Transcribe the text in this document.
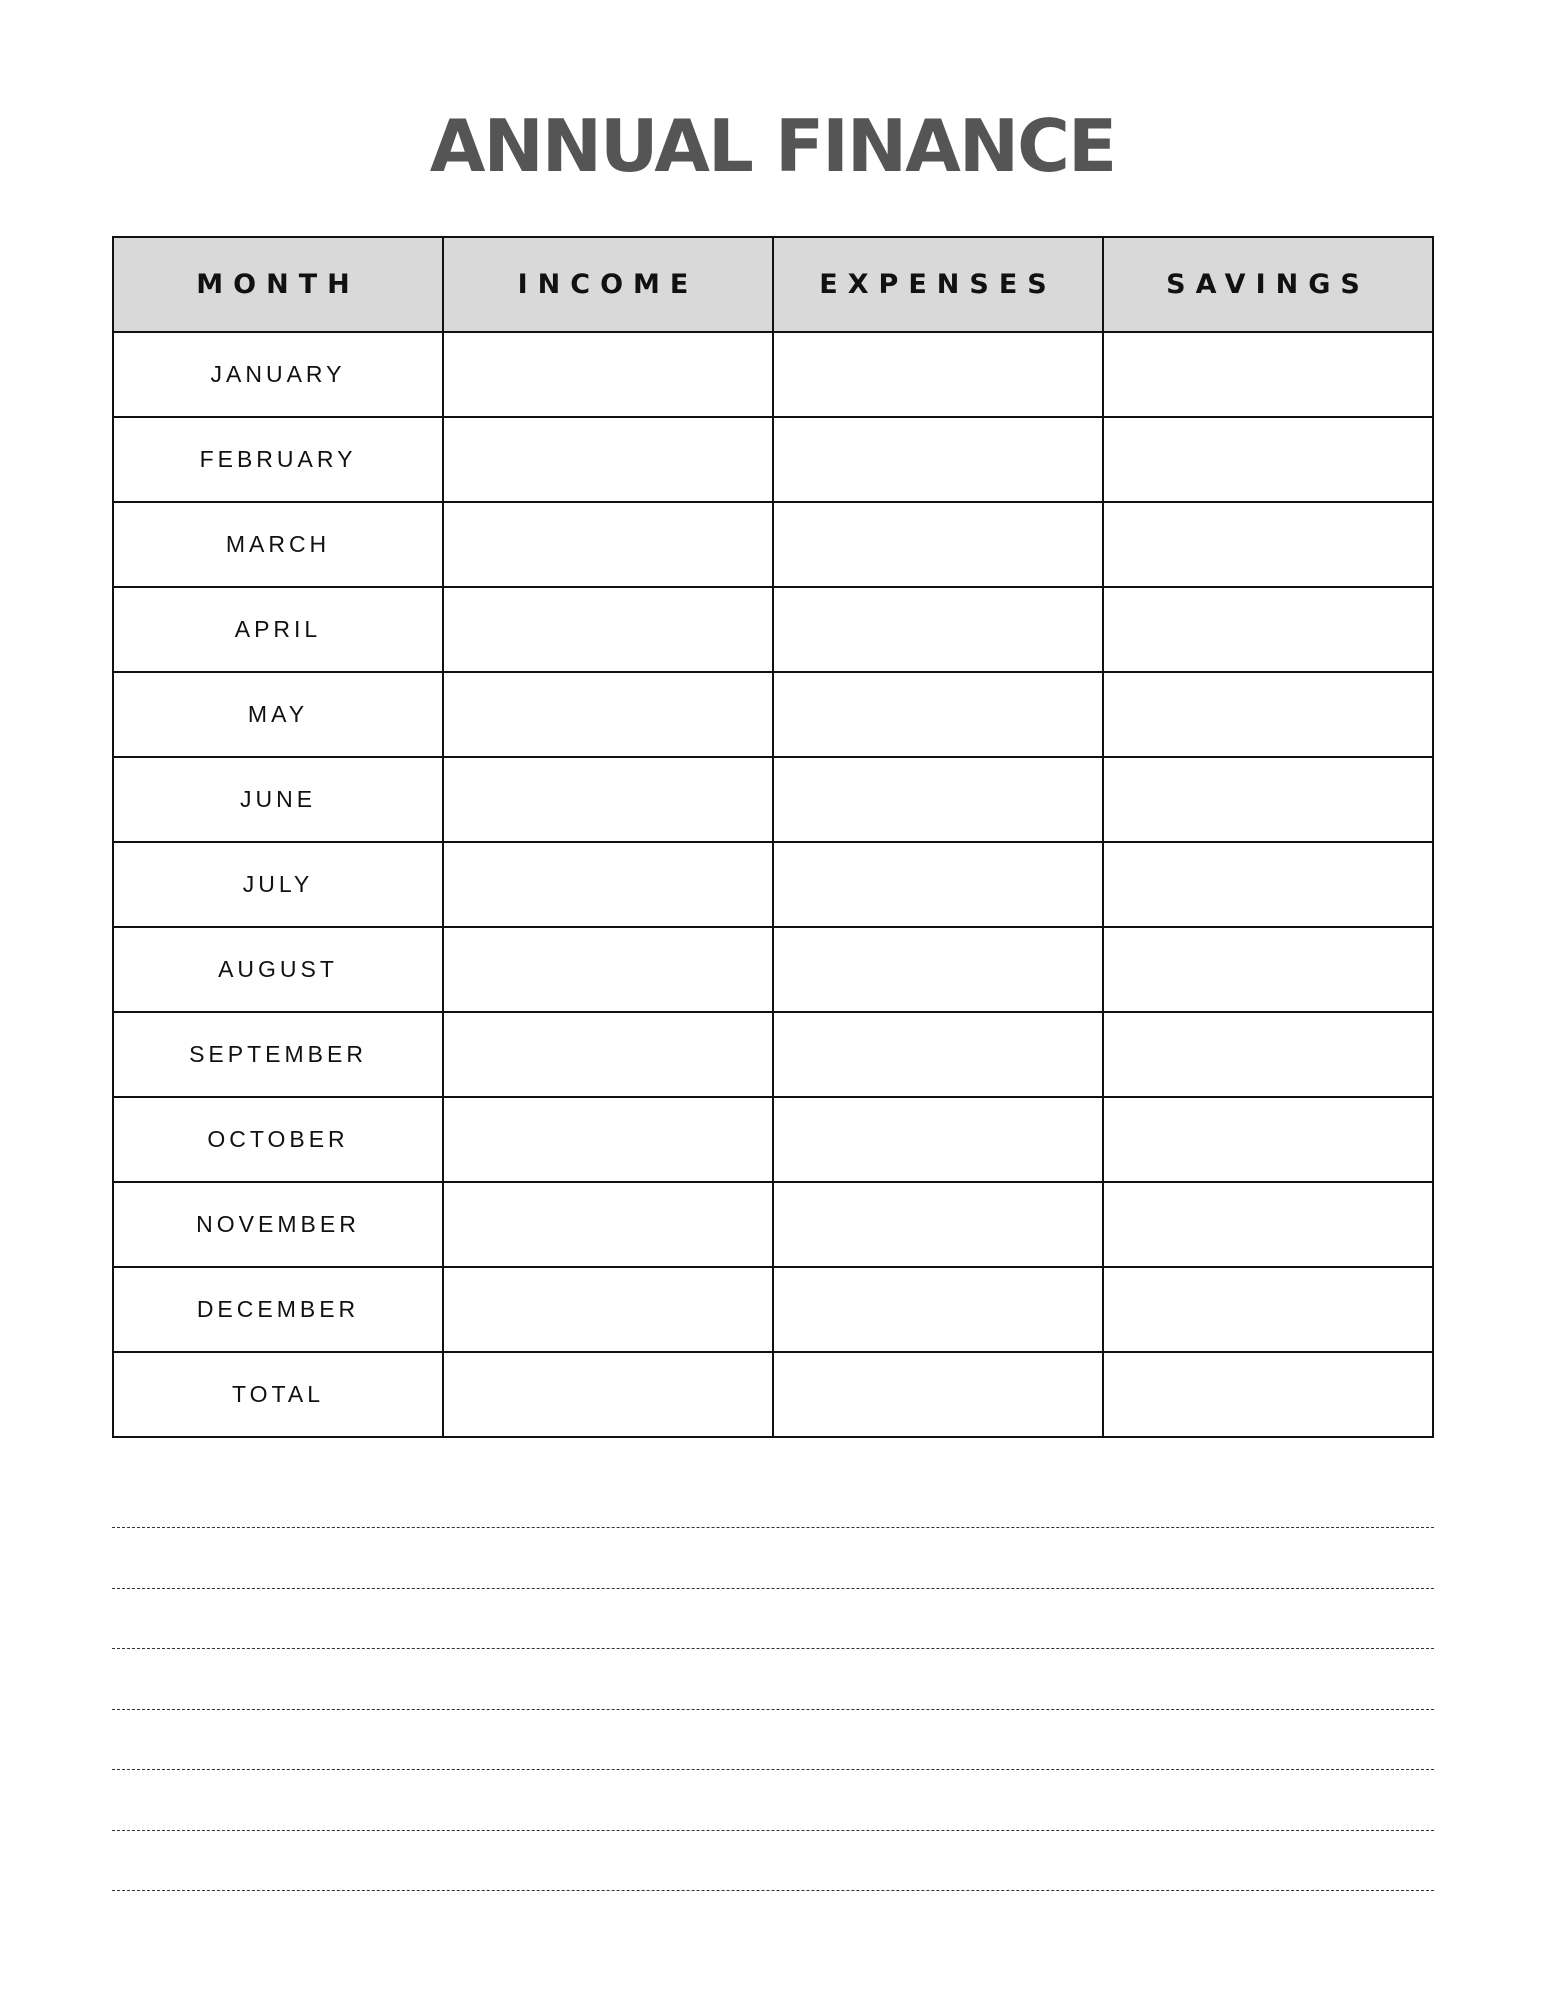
ANNUAL FINANCE
MONTH	INCOME	EXPENSES	SAVINGS
JANUARY			
FEBRUARY			
MARCH			
APRIL			
MAY			
JUNE			
JULY			
AUGUST			
SEPTEMBER			
OCTOBER			
NOVEMBER			
DECEMBER			
TOTAL			
